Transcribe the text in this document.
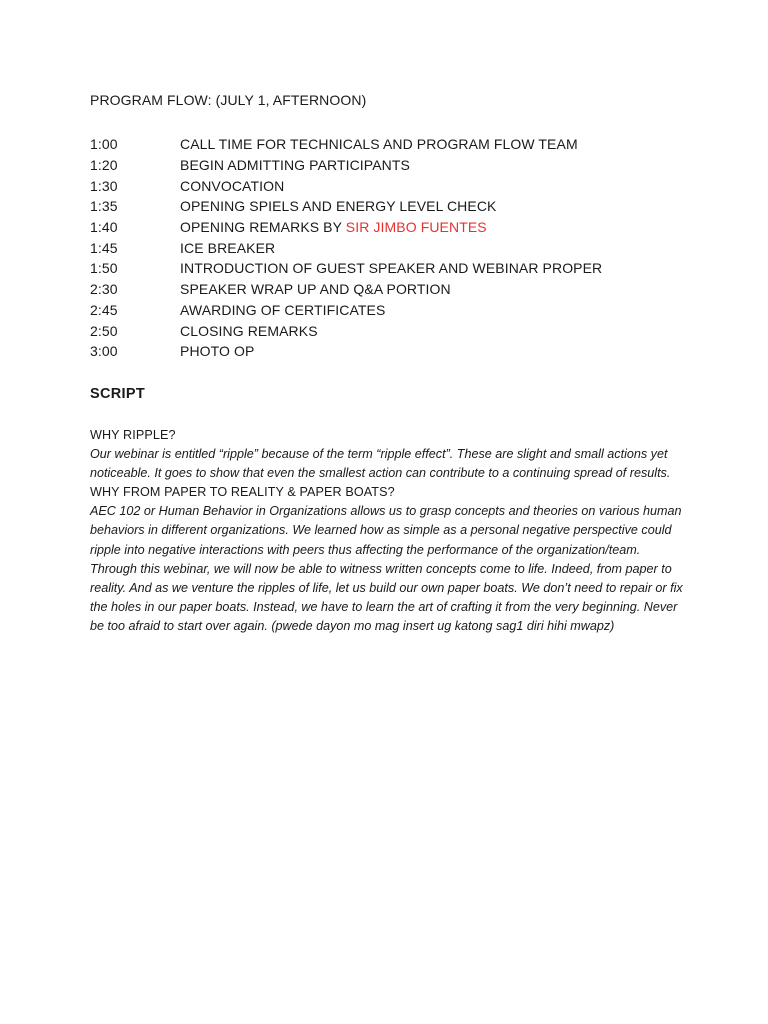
PROGRAM FLOW: (JULY 1, AFTERNOON)
1:00	CALL TIME FOR TECHNICALS AND PROGRAM FLOW TEAM
1:20	BEGIN ADMITTING PARTICIPANTS
1:30	CONVOCATION
1:35	OPENING SPIELS AND ENERGY LEVEL CHECK
1:40	OPENING REMARKS BY SIR JIMBO FUENTES
1:45	ICE BREAKER
1:50	INTRODUCTION OF GUEST SPEAKER AND WEBINAR PROPER
2:30	SPEAKER WRAP UP AND Q&A PORTION
2:45	AWARDING OF CERTIFICATES
2:50	CLOSING REMARKS
3:00	PHOTO OP
SCRIPT
WHY RIPPLE?
Our webinar is entitled “ripple” because of the term “ripple effect”. These are slight and small actions yet noticeable. It goes to show that even the smallest action can contribute to a continuing spread of results.
WHY FROM PAPER TO REALITY & PAPER BOATS?
AEC 102 or Human Behavior in Organizations allows us to grasp concepts and theories on various human behaviors in different organizations. We learned how as simple as a personal negative perspective could ripple into negative interactions with peers thus affecting the performance of the organization/team.
Through this webinar, we will now be able to witness written concepts come to life. Indeed, from paper to reality. And as we venture the ripples of life, let us build our own paper boats. We don’t need to repair or fix the holes in our paper boats. Instead, we have to learn the art of crafting it from the very beginning. Never be too afraid to start over again. (pwede dayon mo mag insert ug katong sag1 diri hihi mwapz)
